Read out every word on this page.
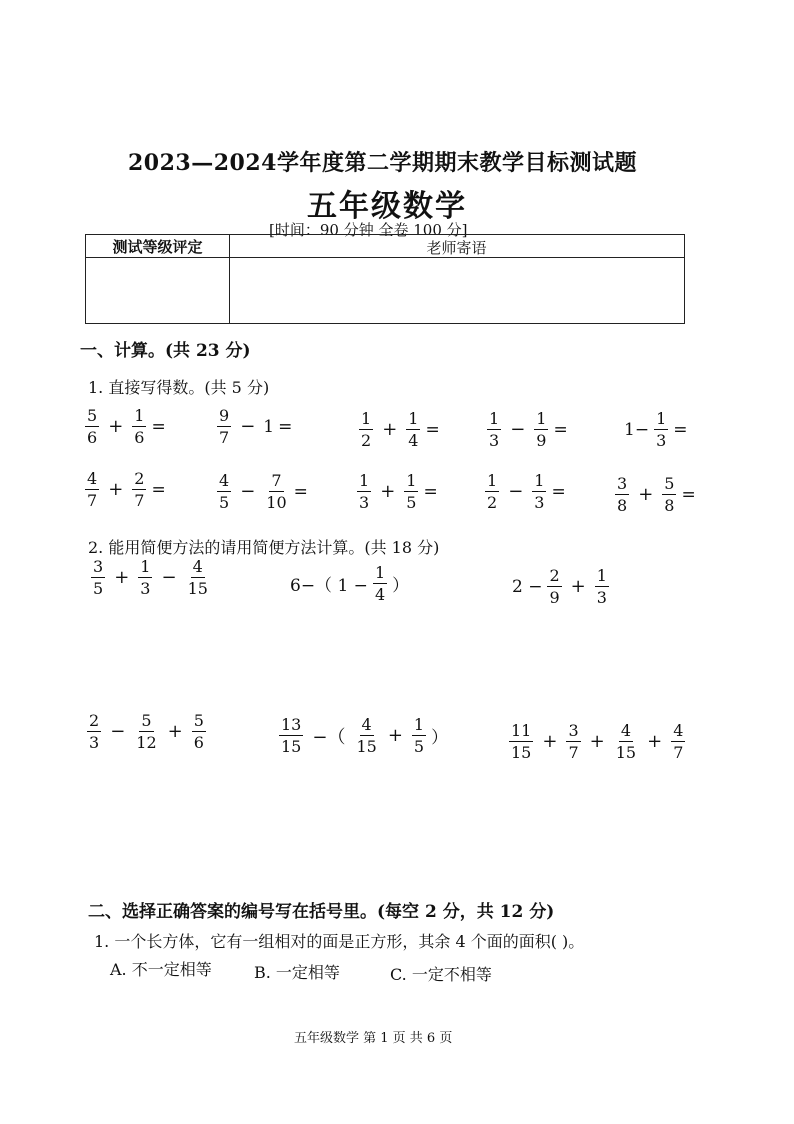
2023—2024学年度第二学期期末教学目标测试题
五年级数学
[时间：90 分钟 全卷 100 分]
测试等级评定	老师寄语
一、计算。(共 23 分)
1. 直接写得数。(共 5 分)
$\frac{5}{6} + \frac{1}{6}$ =	$\frac{9}{7} - 1$ =	$\frac{1}{2} + \frac{1}{4}$ =	$\frac{1}{3} - \frac{1}{9}$ =	$1- \frac{1}{3}$ =
$\frac{4}{7} + \frac{2}{7}$ =	$\frac{4}{5} - \frac{7}{10}$ =	$\frac{1}{3} + \frac{1}{5}$ =	$\frac{1}{2} - \frac{1}{3}$ =	$\frac{3}{8} + \frac{5}{8}$ =
2. 能用简便方法的请用简便方法计算。(共 18 分)
$\frac{3}{5} + \frac{1}{3} - \frac{4}{15}$	6−（ $1 - \frac{1}{4}$ ）	$2 - \frac{2}{9} + \frac{1}{3}$
$\frac{2}{3} - \frac{5}{12} + \frac{5}{6}$	$\frac{13}{15}$ −（ $\frac{4}{15} + \frac{1}{5}$ ）	$\frac{11}{15} + \frac{3}{7} + \frac{4}{15} + \frac{4}{7}$
二、选择正确答案的编号写在括号里。(每空 2 分，共 12 分)
1. 一个长方体，它有一组相对的面是正方形，其余 4 个面的面积( )。
A. 不一定相等	B. 一定相等	C. 一定不相等
五年级数学 第 1 页 共 6 页
